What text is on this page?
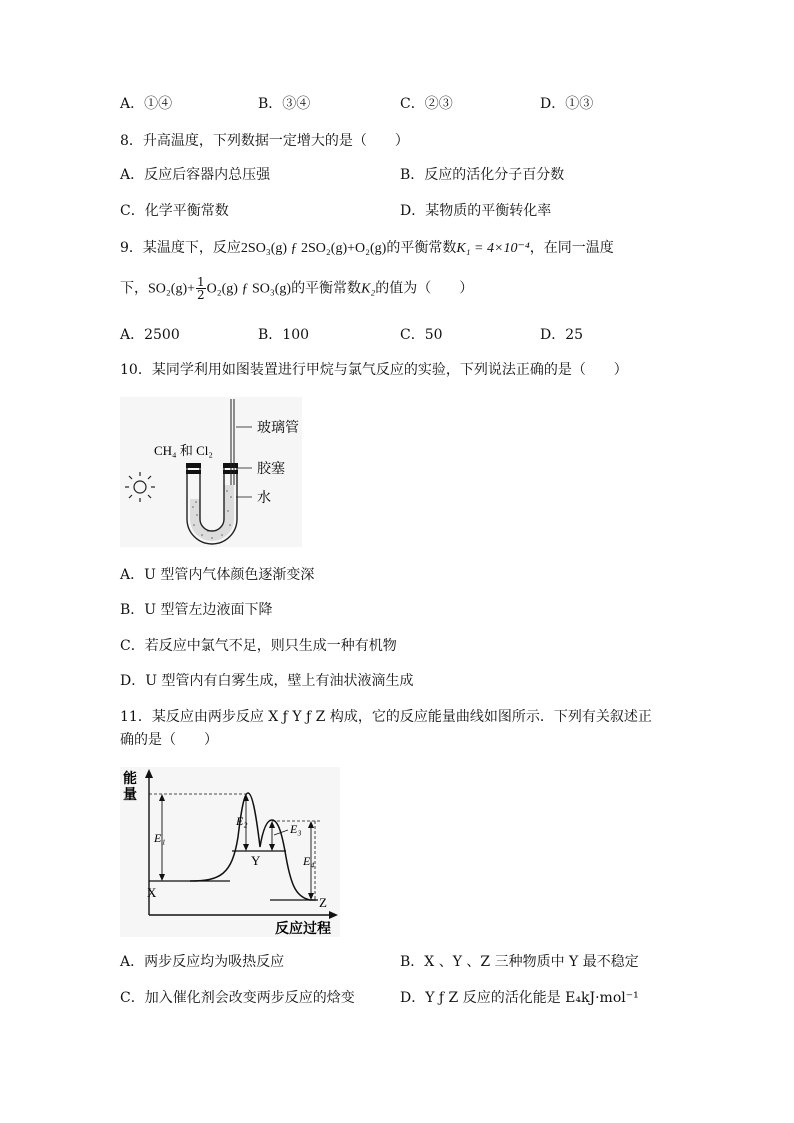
A．①④	B．③④	C．②③	D．①③
8．升高温度，下列数据一定增大的是（　　）
A．反应后容器内总压强	B．反应的活化分子百分数
C．化学平衡常数	D．某物质的平衡转化率
9．某温度下，反应2SO₃(g) ƒ 2SO₂(g)+O₂(g)的平衡常数K₁ = 4×10⁻⁴，在同一温度
下，$SO_2(g)+ \frac{1}{2} O_2(g)$ ƒ SO₃(g)的平衡常数K₂的值为（　　）
A．2500	B．100	C．50	D．25
10．某同学利用如图装置进行甲烷与氯气反应的实验，下列说法正确的是（　　）
玻璃管
CH₄ 和 Cl₂
胶塞
水
A．U 型管内气体颜色逐渐变深
B．U 型管左边液面下降
C．若反应中氯气不足，则只生成一种有机物
D．U 型管内有白雾生成，壁上有油状液滴生成
11．某反应由两步反应 X ƒ Y ƒ Z 构成，它的反应能量曲线如图所示．下列有关叙述正
确的是（　　）
能
量
反应过程
E₁
E₂
E₃
E₄
X
Y
Z
A．两步反应均为吸热反应	B．X 、Y 、Z 三种物质中 Y 最不稳定
C．加入催化剂会改变两步反应的焓变	D．Y ƒ Z 反应的活化能是 E₄kJ·mol⁻¹
